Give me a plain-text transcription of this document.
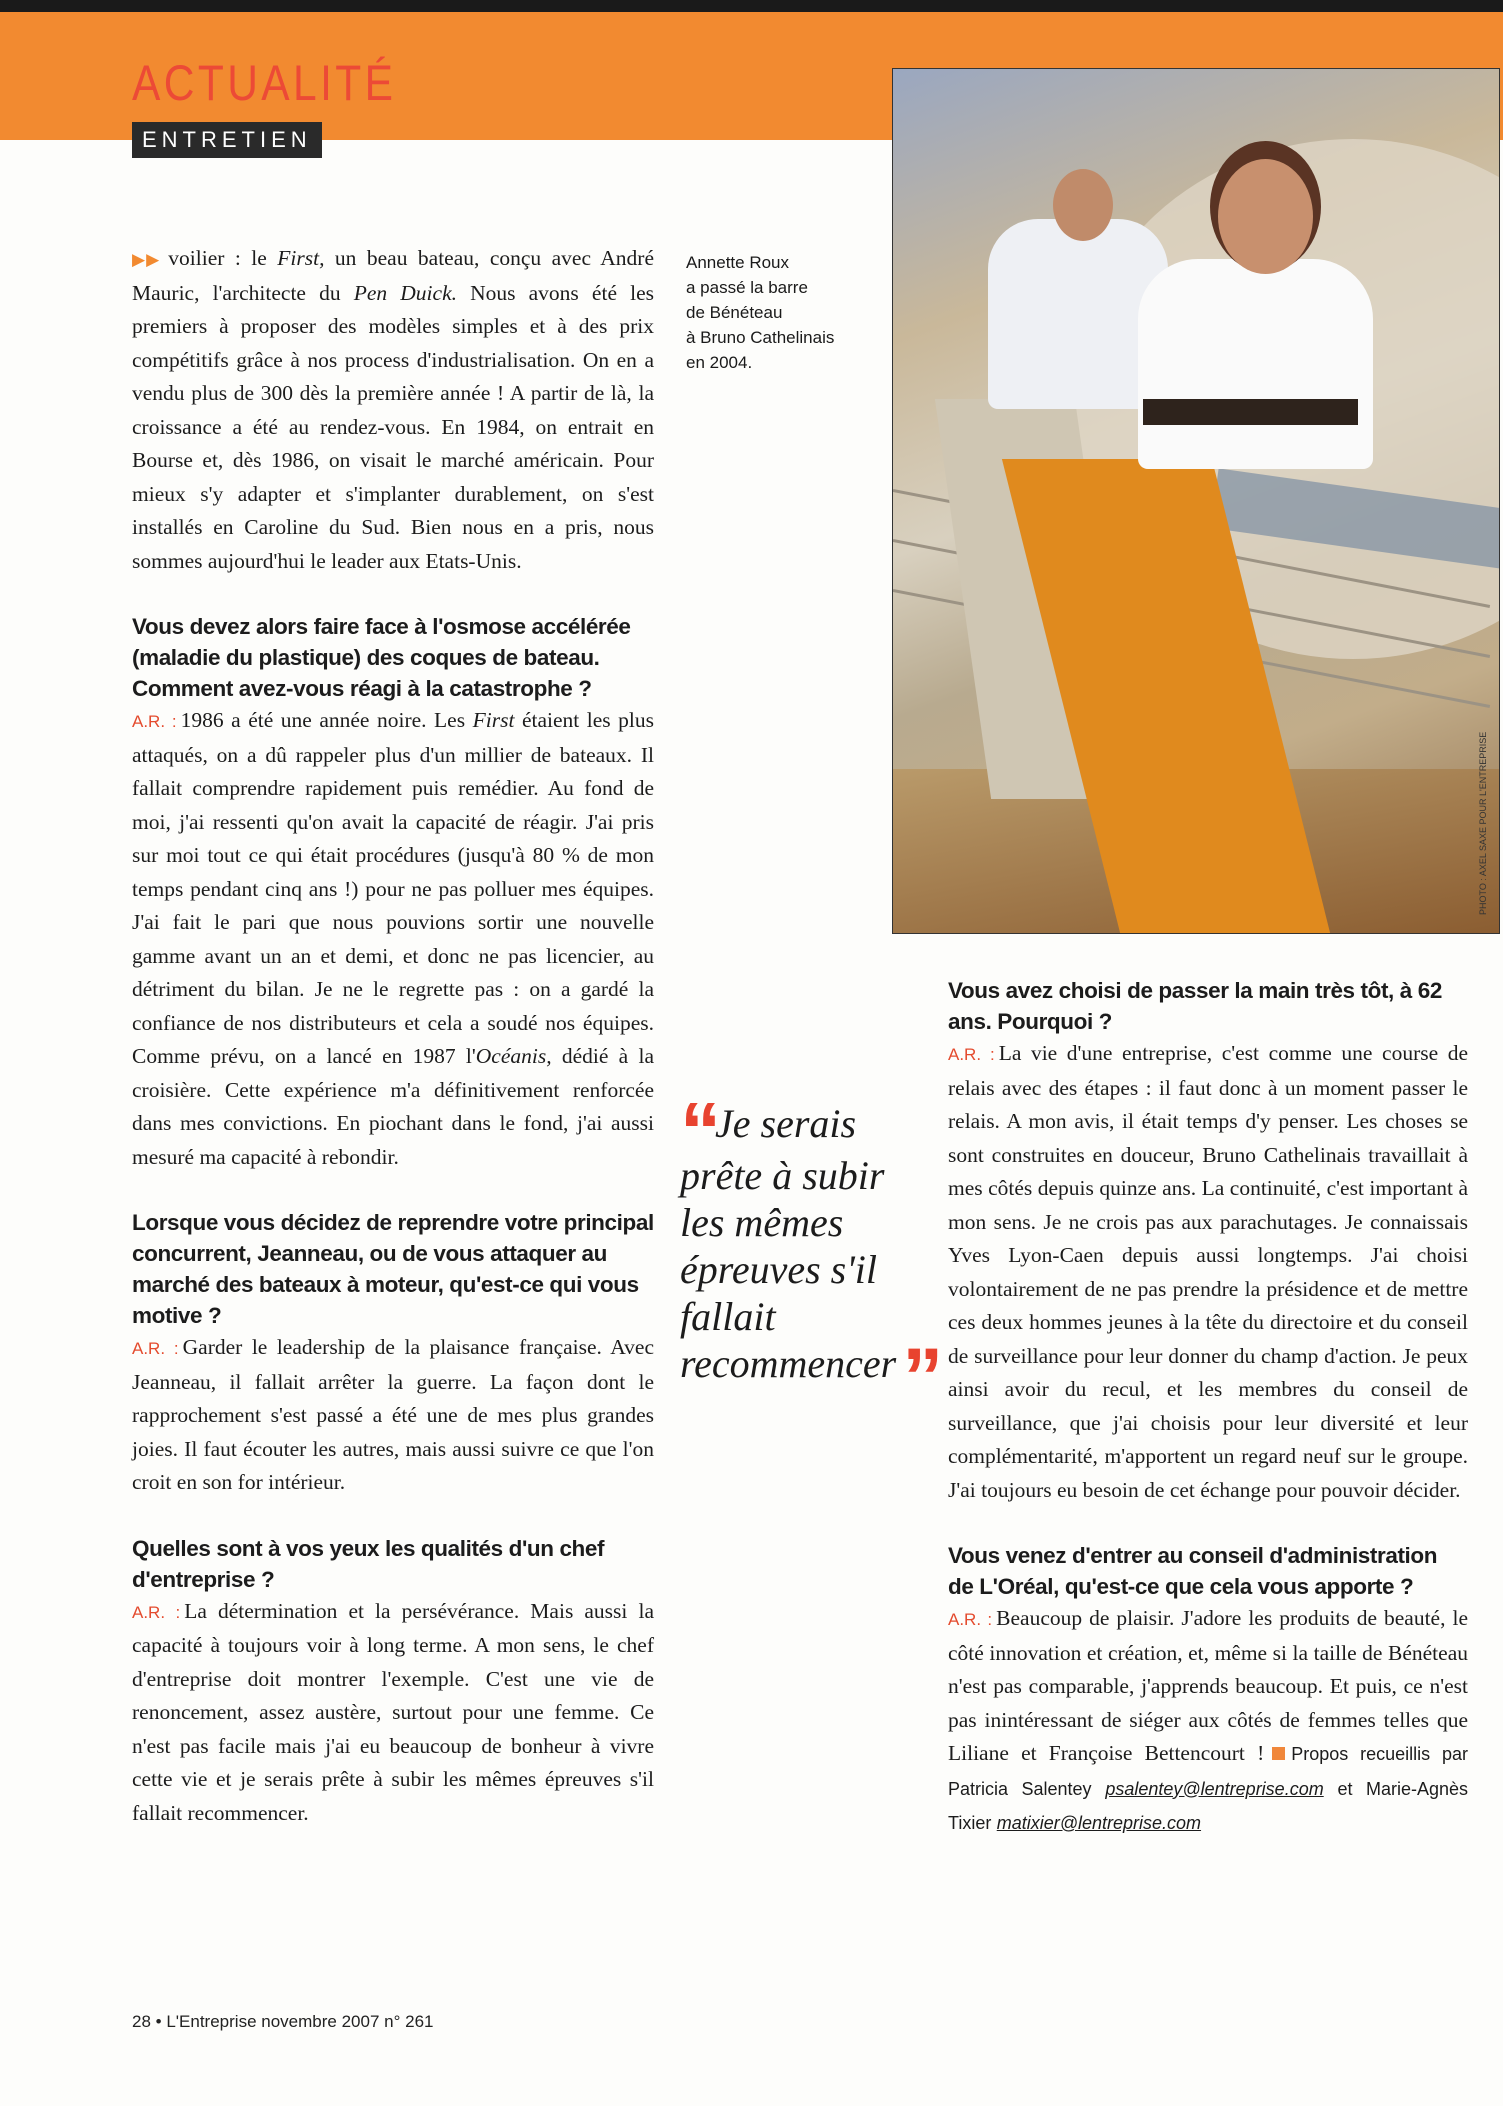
ACTUALITÉ
ENTRETIEN
PHOTO : AXEL SAXE POUR L'ENTREPRISE
Annette Roux
a passé la barre
de Bénéteau
à Bruno Cathelinais
en 2004.

▶▶ voilier : le First, un beau bateau, conçu avec André Mauric, l'architecte du Pen Duick. Nous avons été les premiers à proposer des modèles simples et à des prix compétitifs grâce à nos process d'industrialisation. On en a vendu plus de 300 dès la première année ! A partir de là, la croissance a été au rendez-vous. En 1984, on entrait en Bourse et, dès 1986, on visait le marché américain. Pour mieux s'y adapter et s'implanter durablement, on s'est installés en Caroline du Sud. Bien nous en a pris, nous sommes aujourd'hui le leader aux Etats-Unis.

Vous devez alors faire face à l'osmose accélérée (maladie du plastique) des coques de bateau. Comment avez-vous réagi à la catastrophe ?

A.R. : 1986 a été une année noire. Les First étaient les plus attaqués, on a dû rappeler plus d'un millier de bateaux. Il fallait comprendre rapidement puis remédier. Au fond de moi, j'ai ressenti qu'on avait la capacité de réagir. J'ai pris sur moi tout ce qui était procédures (jusqu'à 80 % de mon temps pendant cinq ans !) pour ne pas polluer mes équipes. J'ai fait le pari que nous pouvions sortir une nouvelle gamme avant un an et demi, et donc ne pas licencier, au détriment du bilan. Je ne le regrette pas : on a gardé la confiance de nos distributeurs et cela a soudé nos équipes. Comme prévu, on a lancé en 1987 l'Océanis, dédié à la croisière. Cette expérience m'a définitivement renforcée dans mes convictions. En piochant dans le fond, j'ai aussi mesuré ma capacité à rebondir.

Lorsque vous décidez de reprendre votre principal concurrent, Jeanneau, ou de vous attaquer au marché des bateaux à moteur, qu'est-ce qui vous motive ?

A.R. : Garder le leadership de la plaisance française. Avec Jeanneau, il fallait arrêter la guerre. La façon dont le rapprochement s'est passé a été une de mes plus grandes joies. Il faut écouter les autres, mais aussi suivre ce que l'on croit en son for intérieur.

Quelles sont à vos yeux les qualités d'un chef d'entreprise ?

A.R. : La détermination et la persévérance. Mais aussi la capacité à toujours voir à long terme. A mon sens, le chef d'entreprise doit montrer l'exemple. C'est une vie de renoncement, assez austère, surtout pour une femme. Ce n'est pas facile mais j'ai eu beaucoup de bonheur à vivre cette vie et je serais prête à subir les mêmes épreuves s'il fallait recommencer.

“Je serais prête à subir les mêmes épreuves s'il fallait recommencer”

Vous avez choisi de passer la main très tôt, à 62 ans. Pourquoi ?

A.R. : La vie d'une entreprise, c'est comme une course de relais avec des étapes : il faut donc à un moment passer le relais. A mon avis, il était temps d'y penser. Les choses se sont construites en douceur, Bruno Cathelinais travaillait à mes côtés depuis quinze ans. La continuité, c'est important à mon sens. Je ne crois pas aux parachutages. Je connaissais Yves Lyon-Caen depuis aussi longtemps. J'ai choisi volontairement de ne pas prendre la présidence et de mettre ces deux hommes jeunes à la tête du directoire et du conseil de surveillance pour leur donner du champ d'action. Je peux ainsi avoir du recul, et les membres du conseil de surveillance, que j'ai choisis pour leur diversité et leur complémentarité, m'apportent un regard neuf sur le groupe. J'ai toujours eu besoin de cet échange pour pouvoir décider.

Vous venez d'entrer au conseil d'administration de L'Oréal, qu'est-ce que cela vous apporte ?

A.R. : Beaucoup de plaisir. J'adore les produits de beauté, le côté innovation et création, et, même si la taille de Bénéteau n'est pas comparable, j'apprends beaucoup. Et puis, ce n'est pas inintéressant de siéger aux côtés de femmes telles que Liliane et Françoise Bettencourt ! Propos recueillis par Patricia Salentey psalentey@lentreprise.com et Marie-Agnès Tixier matixier@lentreprise.com

28 • L'Entreprise novembre 2007 n° 261
